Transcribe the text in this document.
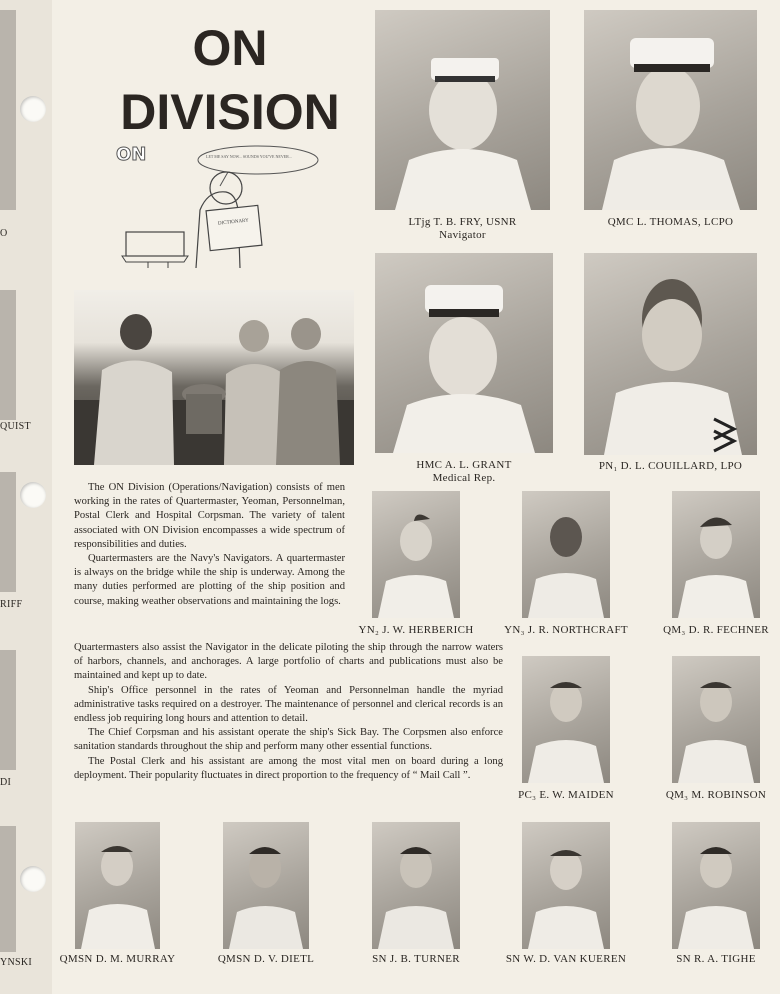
O
QUIST
RIFF
DI
YNSKI
ON
DIVISION
ON	LET ME SAY NOW... SOUNDS YOU'VE NEVER...
DICTIONARY	LTjg T. B. FRY, USNR
Navigator
QMC L. THOMAS, LCPO
HMC A. L. GRANT
Medical Rep.
PN₁ D. L. COUILLARD, LPO
YN₂ J. W. HERBERICH	YN₃ J. R. NORTHCRAFT	QM₃ D. R. FECHNER
PC₃ E. W. MAIDEN	QM₃ M. ROBINSON
QMSN D. M. MURRAY	QMSN D. V. DIETL	SN J. B. TURNER	SN W. D. VAN KUEREN	SN R. A. TIGHE

The ON Division (Operations/Navigation) consists of men working in the rates of Quartermaster, Yeoman, Personnelman, Postal Clerk and Hospital Corpsman. The variety of talent associated with ON Division encompasses a wide spectrum of responsibilities and duties.

Quartermasters are the Navy's Navigators. A quartermaster is always on the bridge while the ship is underway. Among the many duties performed are plotting of the ship position and course, making weather observations and maintaining the logs.

Quartermasters also assist the Navigator in the delicate piloting the ship through the narrow waters of harbors, channels, and anchorages. A large portfolio of charts and publications must also be maintained and kept up to date.

Ship's Office personnel in the rates of Yeoman and Personnelman handle the myriad administrative tasks required on a destroyer. The maintenance of personnel and clerical records is an endless job requiring long hours and attention to detail.

The Chief Corpsman and his assistant operate the ship's Sick Bay. The Corpsmen also enforce sanitation standards throughout the ship and perform many other essential functions.

The Postal Clerk and his assistant are among the most vital men on board during a long deployment. Their popularity fluctuates in direct proportion to the frequency of “ Mail Call ”.
